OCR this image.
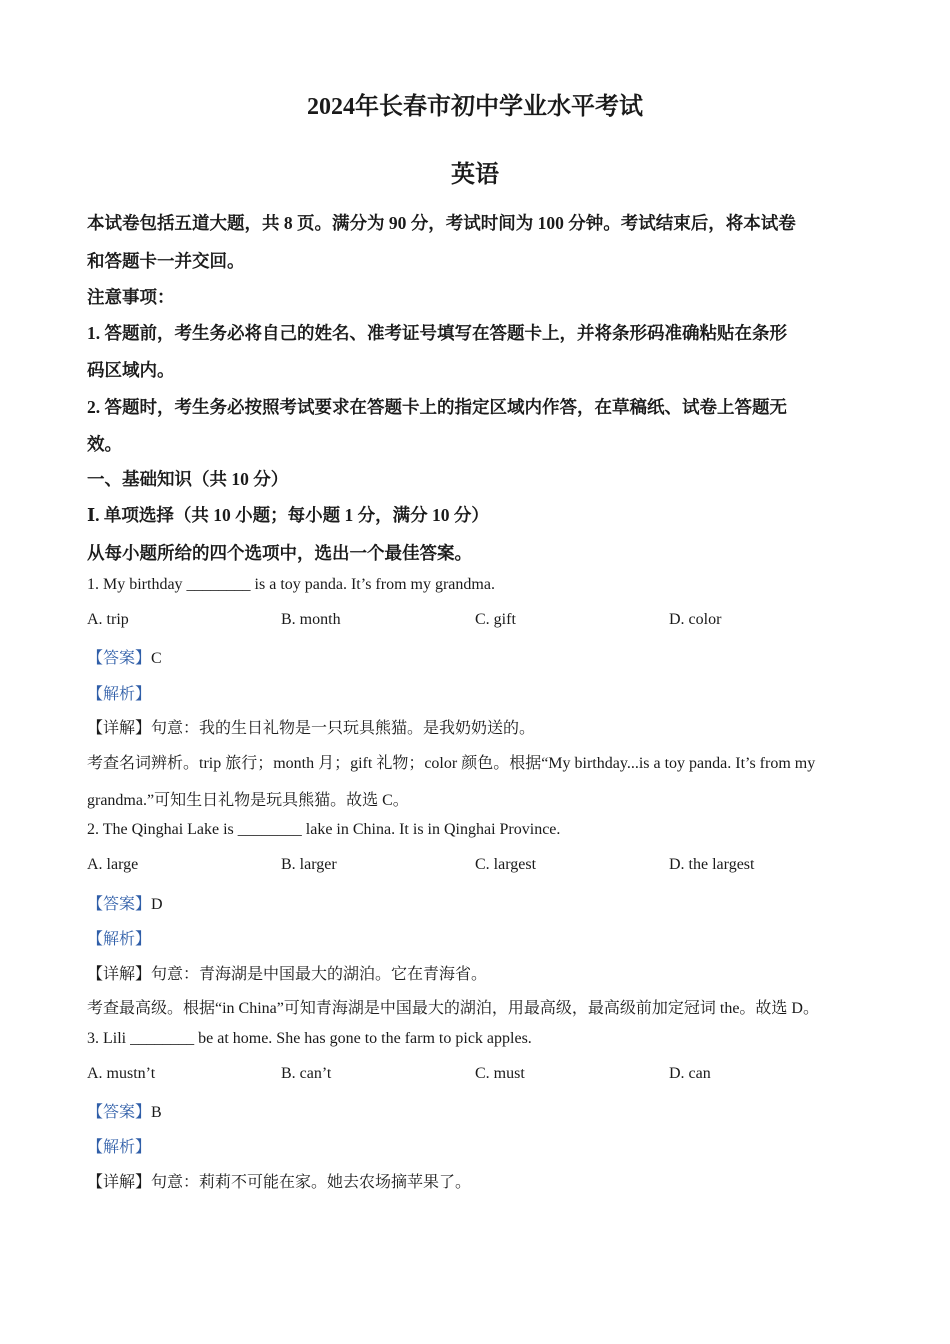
2024年长春市初中学业水平考试
英语
本试卷包括五道大题，共 8 页。满分为 90 分，考试时间为 100 分钟。考试结束后，将本试卷
和答题卡一并交回。
注意事项：
1. 答题前，考生务必将自己的姓名、准考证号填写在答题卡上，并将条形码准确粘贴在条形
码区域内。
2. 答题时，考生务必按照考试要求在答题卡上的指定区域内作答，在草稿纸、试卷上答题无
效。
一、基础知识（共 10 分）
Ⅰ. 单项选择（共 10 小题；每小题 1 分，满分 10 分）
从每小题所给的四个选项中，选出一个最佳答案。
1. My birthday ________ is a toy panda. It’s from my grandma.
A. trip	B. month	C. gift	D. color
【答案】C
【解析】
【详解】句意：我的生日礼物是一只玩具熊猫。是我奶奶送的。
考查名词辨析。trip 旅行；month 月；gift 礼物；color 颜色。根据“My birthday...is a toy panda. It’s from my
grandma.”可知生日礼物是玩具熊猫。故选 C。
2. The Qinghai Lake is ________ lake in China. It is in Qinghai Province.
A. large	B. larger	C. largest	D. the largest
【答案】D
【解析】
【详解】句意：青海湖是中国最大的湖泊。它在青海省。
考查最高级。根据“in China”可知青海湖是中国最大的湖泊，用最高级，最高级前加定冠词 the。故选 D。
3. Lili ________ be at home. She has gone to the farm to pick apples.
A. mustn’t	B. can’t	C. must	D. can
【答案】B
【解析】
【详解】句意：莉莉不可能在家。她去农场摘苹果了。
